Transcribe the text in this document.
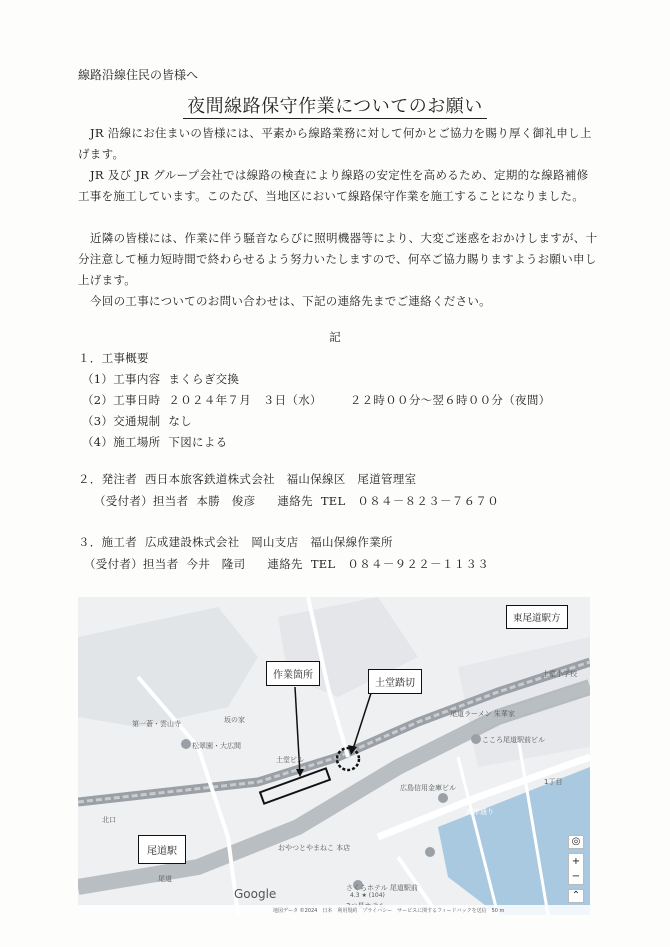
線路沿線住民の皆様へ
夜間線路保守作業についてのお願い
JR 沿線にお住まいの皆様には、平素から線路業務に対して何かとご協力を賜り厚く御礼申し上げます。
JR 及び JR グループ会社では線路の検査により線路の安定性を高めるため、定期的な線路補修工事を施工しています。このたび、当地区において線路保守作業を施工することになりました。
近隣の皆様には、作業に伴う騒音ならびに照明機器等により、大変ご迷惑をおかけしますが、十分注意して極力短時間で終わらせるよう努力いたしますので、何卒ご協力賜りますようお願い申し上げます。
今回の工事についてのお問い合わせは、下記の連絡先までご連絡ください。
記
１．工事概要
（1）工事内容 まくらぎ交換
（2）工事日時 ２０２４年７月　３日（水） ２２時００分～翌６時００分（夜間）
（3）交通規制 なし
（4）施工場所 下図による
２．発注者 西日本旅客鉄道株式会社　福山保線区　尾道管理室
（受付者）担当者 本勝　俊彦 連絡先 TEL ０８４－８２３－７６７０
３．施工者 広成建設株式会社　岡山支店　福山保線作業所
（受付者）担当者 今井　隆司 連絡先 TEL ０８４－９２２－１１３３
作業箇所
土堂踏切
東尾道駅方
尾道駅
第一蒼・雲山寺
松翠園・大広間
坂の家
土堂ビル
尾道ラーメン 朱華家
こころ尾道駅前ビル
広島信用金庫ビル
おやつとやまねこ 本店
さくらホテル 尾道駅前
4.3 ★ (104)
1丁目
北口
尾道
海岸通り
土堂小学校
Google
◎
+
−
⌃
地図データ ©2024　日本　利用規約　プライバシー　サービスに関するフィードバックを送信　50 m
